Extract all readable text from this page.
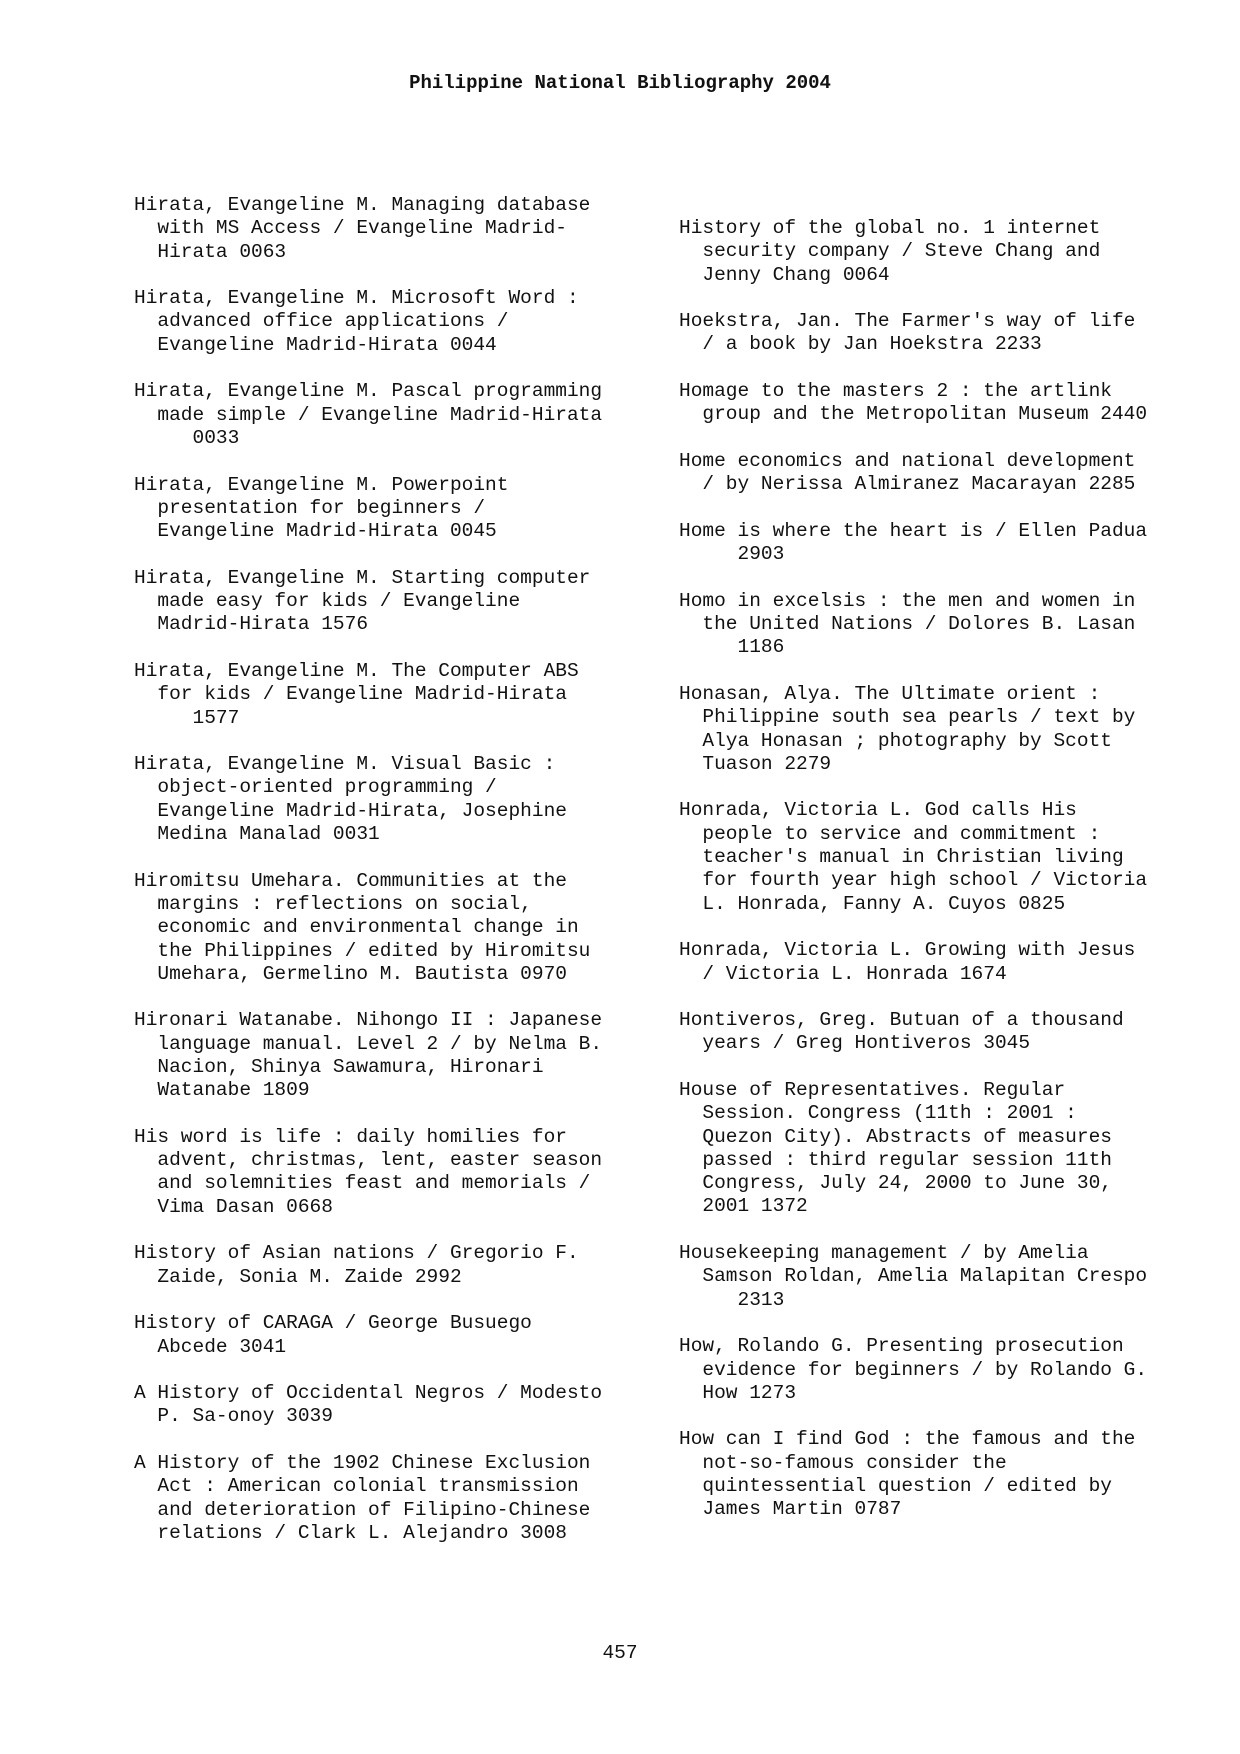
Philippine National Bibliography 2004

Hirata, Evangeline M. Managing database
with MS Access / Evangeline Madrid-
Hirata 0063

Hirata, Evangeline M. Microsoft Word :
advanced office applications /
Evangeline Madrid-Hirata 0044

Hirata, Evangeline M. Pascal programming
made simple / Evangeline Madrid-Hirata
0033

Hirata, Evangeline M. Powerpoint
presentation for beginners /
Evangeline Madrid-Hirata 0045

Hirata, Evangeline M. Starting computer
made easy for kids / Evangeline
Madrid-Hirata 1576

Hirata, Evangeline M. The Computer ABS
for kids / Evangeline Madrid-Hirata
1577

Hirata, Evangeline M. Visual Basic :
object-oriented programming /
Evangeline Madrid-Hirata, Josephine
Medina Manalad 0031

Hiromitsu Umehara. Communities at the
margins : reflections on social,
economic and environmental change in
the Philippines / edited by Hiromitsu
Umehara, Germelino M. Bautista 0970

Hironari Watanabe. Nihongo II : Japanese
language manual. Level 2 / by Nelma B.
Nacion, Shinya Sawamura, Hironari
Watanabe 1809

His word is life : daily homilies for
advent, christmas, lent, easter season
and solemnities feast and memorials /
Vima Dasan 0668

History of Asian nations / Gregorio F.
Zaide, Sonia M. Zaide 2992

History of CARAGA / George Busuego
Abcede 3041

A History of Occidental Negros / Modesto
P. Sa-onoy 3039

A History of the 1902 Chinese Exclusion
Act : American colonial transmission
and deterioration of Filipino-Chinese
relations / Clark L. Alejandro 3008

History of the global no. 1 internet
security company / Steve Chang and
Jenny Chang 0064

Hoekstra, Jan. The Farmer's way of life
/ a book by Jan Hoekstra 2233

Homage to the masters 2 : the artlink
group and the Metropolitan Museum 2440

Home economics and national development
/ by Nerissa Almiranez Macarayan 2285

Home is where the heart is / Ellen Padua
2903

Homo in excelsis : the men and women in
the United Nations / Dolores B. Lasan
1186

Honasan, Alya. The Ultimate orient :
Philippine south sea pearls / text by
Alya Honasan ; photography by Scott
Tuason 2279

Honrada, Victoria L. God calls His
people to service and commitment :
teacher's manual in Christian living
for fourth year high school / Victoria
L. Honrada, Fanny A. Cuyos 0825

Honrada, Victoria L. Growing with Jesus
/ Victoria L. Honrada 1674

Hontiveros, Greg. Butuan of a thousand
years / Greg Hontiveros 3045

House of Representatives. Regular
Session. Congress (11th : 2001 :
Quezon City). Abstracts of measures
passed : third regular session 11th
Congress, July 24, 2000 to June 30,
2001 1372

Housekeeping management / by Amelia
Samson Roldan, Amelia Malapitan Crespo
2313

How, Rolando G. Presenting prosecution
evidence for beginners / by Rolando G.
How 1273

How can I find God : the famous and the
not-so-famous consider the
quintessential question / edited by
James Martin 0787

457
